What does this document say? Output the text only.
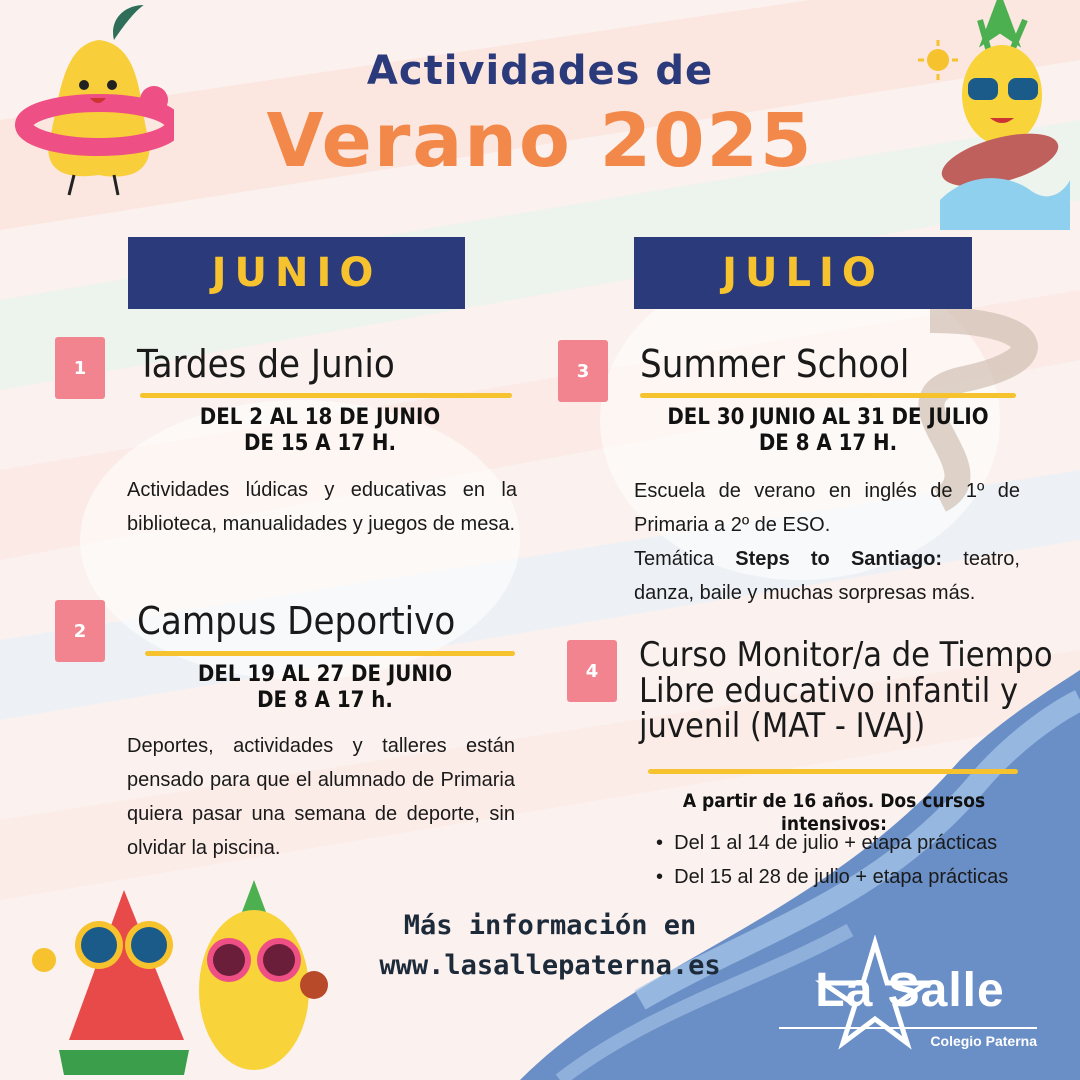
Actividades de
Verano 2025
JUNIO	JULIO
1	Tardes de Junio
DEL 2 AL 18 DE JUNIO
DE 15 A 17 H.
Actividades lúdicas y educativas en la biblioteca, manualidades y juegos de mesa.
2	Campus Deportivo
DEL 19 AL 27 DE JUNIO
DE 8 A 17 h.
Deportes, actividades y talleres están pensado para que el alumnado de Primaria quiera pasar una semana de deporte, sin olvidar la piscina.
3	Summer School
DEL 30 JUNIO AL 31 DE JULIO
DE 8 A 17 H.
Escuela de verano en inglés de 1º de Primaria a 2º de ESO.
Temática Steps to Santiago: teatro, danza, baile y muchas sorpresas más.
4	Curso Monitor/a de Tiempo
Libre educativo infantil y
juvenil (MAT - IVAJ)
A partir de 16 años. Dos cursos intensivos:
•  Del 1 al 14 de julio + etapa prácticas
•  Del 15 al 28 de julio + etapa prácticas
Más información en
www.lasallepaterna.es	La Salle
Colegio Paterna
